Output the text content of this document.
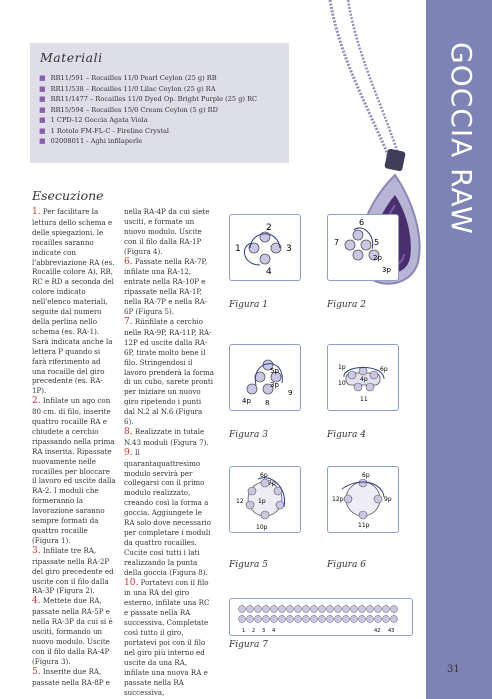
GOCCIA RAW
Materiali
■ RR11/591 – Rocailles 11/0 Pearl Ceylon (25 g) RB
■ RR11/538 – Rocailles 11/0 Lilac Ceylon (25 g) RA
■ RR11/1477 – Rocailles 11/0 Dyed Op. Bright Purple (25 g) RC
■ RR15/594 – Rocailles 15/0 Cream Ceylon (5 g) RD
■ 1 CPD-12 Goccia Agata Viola
■ 1 Rotolo FM-FL-C - Fireline Crystal
■ 02008011 - Aghi infilaperle
Esecuzione

1. Per facilitare la lettura dello schema e delle spiegazioni, le rocailles saranno indicate con l'abbreviazione RA (es. Rocaille colore A), RB, RC e RD a seconda del colore indicato nell'elenco materiali, seguite dal numero della perlina nello schema (es. RA-1). Sarà indicata anche la lettera P quando si farà riferimento ad una rocaille del giro precedente (es. RA-1P).

2. Infilate un ago con 80 cm. di filo, inserite quattro rocaille RA e chiudete a cerchio ripassando nella prima RA inserita. Ripassate nuovamente nelle rocailles per bloccare il lavoro ed uscite dalla RA-2. I moduli che formeranno la lavorazione saranno sempre formati da quattro rocaille (Figura 1).

3. Infilate tre RA, ripassate nella RA-2P del giro precedente ed uscite con il filo dalla RA-3P (Figura 2).

4. Mettete due RA, passate nella RA-5P e nella RA-3P da cui si è usciti, formando un nuovo modulo. Uscite con il filo dalla RA-4P (Figura 3).

5. Inserite due RA, passate nella RA-8P e

nella RA-4P da cui siete usciti, e formate un nuovo modulo. Uscite con il filo dalla RA-1P (Figura 4).

6. Passate nella RA-7P, infilate una RA-12, entrate nella RA-10P e ripassate nella RA-1P, nella RA-7P e nella RA-6P (Figura 5).

7. Riinfilate a cerchio nelle RA-9P, RA-11P, RA-12P ed uscite dalla RA-6P, tirate molto bene il filo. Stringendosi il lavoro prenderà la forma di un cubo, sarete pronti per iniziare un nuovo giro ripetendo i punti dal N.2 al N.6 (Figura 6).

8. Realizzate in tutale N.43 moduli (Figura 7).

9. Il quarantaquattresimo modulo servirà per collegarsi con il primo modulo realizzato, creando così la forma a goccia. Aggiungete le RA solo dove necessario per completare i moduli da quattro rocailles. Cucite così tutti i lati realizzando la punta della goccia (Figura 8).

10. Portatevi con il filo in una RA del giro esterno, infilate una RC e passate nella RA successiva. Completate così tutto il giro, portatevi poi con il filo nel giro più interno ed uscite da una RA, infilate una nuova RA e passate nella RA successiva,

2
1	3
4
Figura 1
6
7	5
2p
3p
Figura 2
5p
3p
9
4p 8
Figura 3
1p
4p
6p
10
11
Figura 4
7p
6p
12 1p
10p
Figura 5
6p
12p	9p
11p
Figura 6
1 2 3 4	42 43
Figura 7
31
